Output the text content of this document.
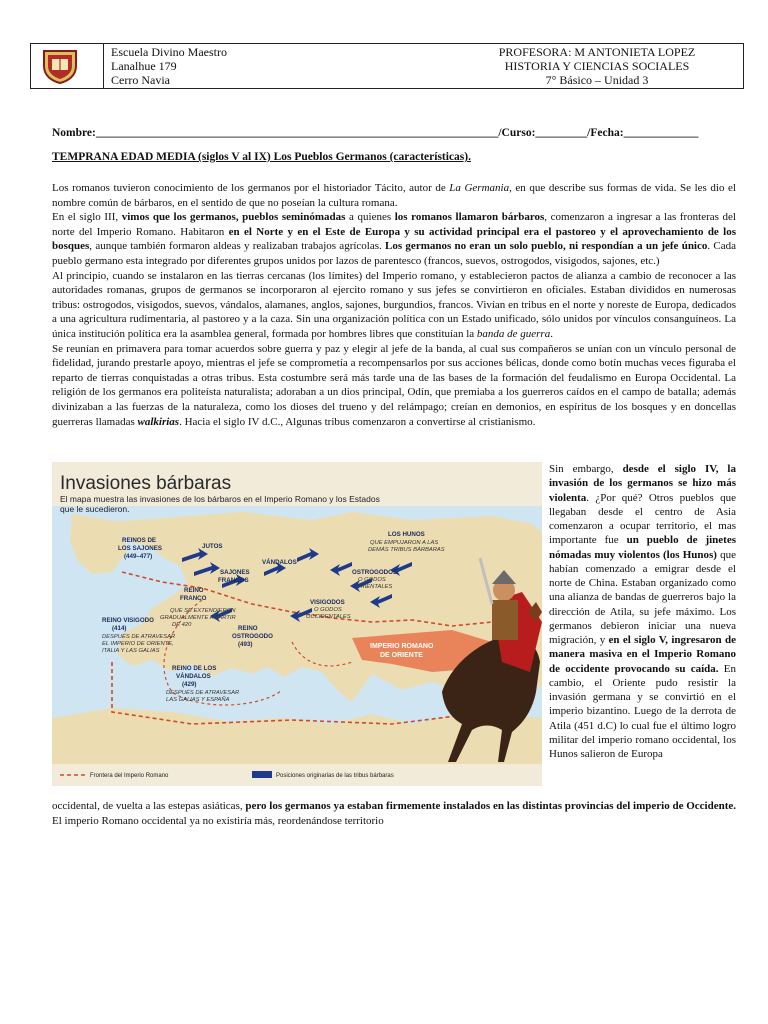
Escuela Divino Maestro
Lanalhue 179
Cerro Navia
PROFESORA: M ANTONIETA LOPEZ
HISTORIA Y CIENCIAS SOCIALES
7° Básico – Unidad 3
Nombre:______________________________________________________________________/Curso:_________/Fecha:_____________
TEMPRANA EDAD MEDIA (siglos V al IX) Los Pueblos Germanos (características).

Los romanos tuvieron conocimiento de los germanos por el historiador Tácito, autor de La Germania, en que describe sus formas de vida. Se les dio el nombre común de bárbaros, en el sentido de que no poseían la cultura romana.

En el siglo III, vimos que los germanos, pueblos seminómadas a quienes los romanos llamaron bárbaros, comenzaron a ingresar a las fronteras del norte del Imperio Romano. Habitaron en el Norte y en el Este de Europa y su actividad principal era el pastoreo y el aprovechamiento de los bosques, aunque también formaron aldeas y realizaban trabajos agrícolas. Los germanos no eran un solo pueblo, ni respondían a un jefe único. Cada pueblo germano esta integrado por diferentes grupos unidos por lazos de parentesco (francos, suevos, ostrogodos, visigodos, sajones, etc.)

Al principio, cuando se instalaron en las tierras cercanas (los límites) del Imperio romano, y establecieron pactos de alianza a cambio de reconocer a las autoridades romanas, grupos de germanos se incorporaron al ejercito romano y sus jefes se convirtieron en oficiales. Estaban divididos en numerosas tribus: ostrogodos, visigodos, suevos, vándalos, alamanes, anglos, sajones, burgundios, francos. Vivían en tribus en el norte y noreste de Europa, dedicados a una agricultura rudimentaria, al pastoreo y a la caza. Sin una organización política con un Estado unificado, sólo unidos por vínculos consanguíneos. La única institución política era la asamblea general, formada por hombres libres que constituían la banda de guerra.

Se reunían en primavera para tomar acuerdos sobre guerra y paz y elegir al jefe de la banda, al cual sus compañeros se unían con un vínculo personal de fidelidad, jurando prestarle apoyo, mientras el jefe se comprometía a recompensarlos por sus acciones bélicas, donde como botín muchas veces figuraba el reparto de tierras conquistadas a otras tribus. Esta costumbre será más tarde una de las bases de la formación del feudalismo en Europa Occidental. La religión de los germanos era politeísta naturalista; adoraban a un dios principal, Odín, que premiaba a los guerreros caídos en el campo de batalla; además divinizaban a las fuerzas de la naturaleza, como los dioses del trueno y del relámpago; creían en demonios, en espíritus de los bosques y en doncellas guerreras llamadas walkirias. Hacia el siglo IV d.C., Algunas tribus comenzaron a convertirse al cristianismo.

Invasiones bárbaras
El mapa muestra las invasiones de los bárbaros en el Imperio Romano y los Estados
que le sucedieron.
REINOS DE
LOS SAJONES
(449–477)
JUTOS
VÁNDALOS
SAJONES
FRANCOS
LOS HUNOS
QUE EMPUJARON A LAS
DEMÁS TRIBUS BÁRBARAS
REINO
FRANCO
QUE SE EXTENDIERON
GRADUALMENTE A PARTIR
DE 420
OSTROGODOS
O GODOS
ORIENTALES
VISIGODOS
O GODOS
OCCIDENTALES
REINO VISIGODO
(414)
DESPUÉS DE ATRAVESAR
EL IMPERIO DE ORIENTE,
ITALIA Y LAS GALIAS
REINO
OSTROGODO
(493)	IMPERIO ROMANO
DE ORIENTE
REINO DE LOS
VÁNDALOS
(429)
DESPUÉS DE ATRAVESAR
LAS GALIAS Y ESPAÑA
Frontera del Imperio Romano	Posiciones originarias de las tribus bárbaras
Sin embargo, desde el siglo IV, la invasión de los germanos se hizo más violenta. ¿Por qué? Otros pueblos que llegaban desde el centro de Asia comenzaron a ocupar territorio, el mas importante fue un pueblo de jinetes nómadas muy violentos (los Hunos) que habían comenzado a emigrar desde el norte de China. Estaban organizado como una alianza de bandas de guerreros bajo la dirección de Atila, su jefe máximo. Los germanos debieron iniciar una nueva migración, y en el siglo V, ingresaron de manera masiva en el Imperio Romano de occidente provocando su caída. En cambio, el Oriente pudo resistir la invasión germana y se convirtió en el imperio bizantino. Luego de la derrota de Atila (451 d.C) lo cual fue el último logro militar del imperio romano occidental, los Hunos salieron de Europa
occidental, de vuelta a las estepas asiáticas, pero los germanos ya estaban firmemente instalados en las distintas provincias del imperio de Occidente. El imperio Romano occidental ya no existiría más, reordenándose territorio
